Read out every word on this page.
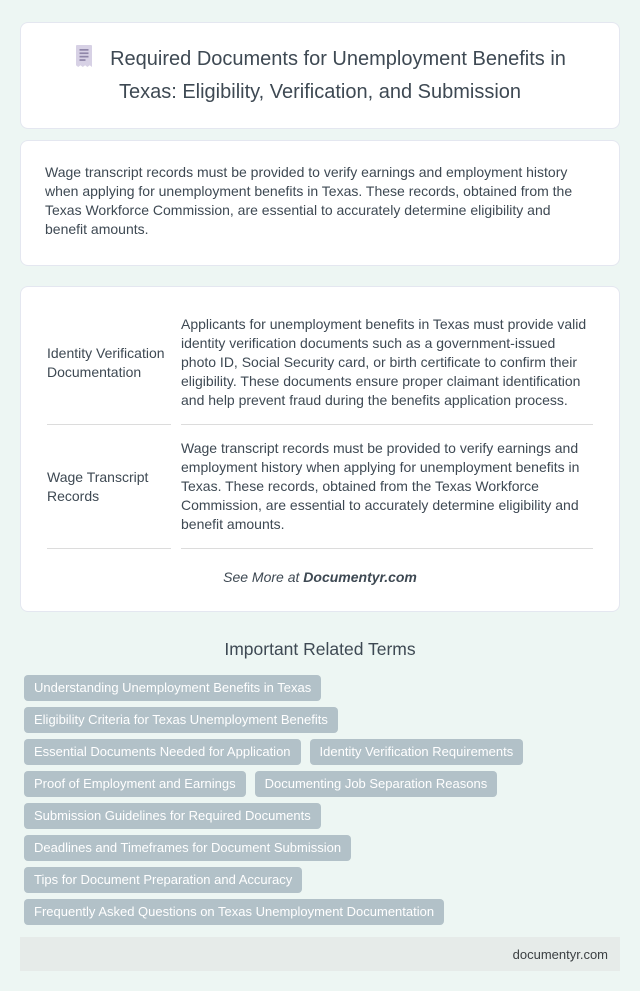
Required Documents for Unemployment Benefits in Texas: Eligibility, Verification, and Submission

Wage transcript records must be provided to verify earnings and employment history when applying for unemployment benefits in Texas. These records, obtained from the Texas Workforce Commission, are essential to accurately determine eligibility and benefit amounts.

Identity Verification Documentation	Applicants for unemployment benefits in Texas must provide valid identity verification documents such as a government-issued photo ID, Social Security card, or birth certificate to confirm their eligibility. These documents ensure proper claimant identification and help prevent fraud during the benefits application process.
Wage Transcript Records	Wage transcript records must be provided to verify earnings and employment history when applying for unemployment benefits in Texas. These records, obtained from the Texas Workforce Commission, are essential to accurately determine eligibility and benefit amounts.

See More at Documentyr.com

Important Related Terms
Understanding Unemployment Benefits in Texas
Eligibility Criteria for Texas Unemployment Benefits
Essential Documents Needed for Application	Identity Verification Requirements
Proof of Employment and Earnings	Documenting Job Separation Reasons
Submission Guidelines for Required Documents
Deadlines and Timeframes for Document Submission
Tips for Document Preparation and Accuracy
Frequently Asked Questions on Texas Unemployment Documentation
documentyr.com
